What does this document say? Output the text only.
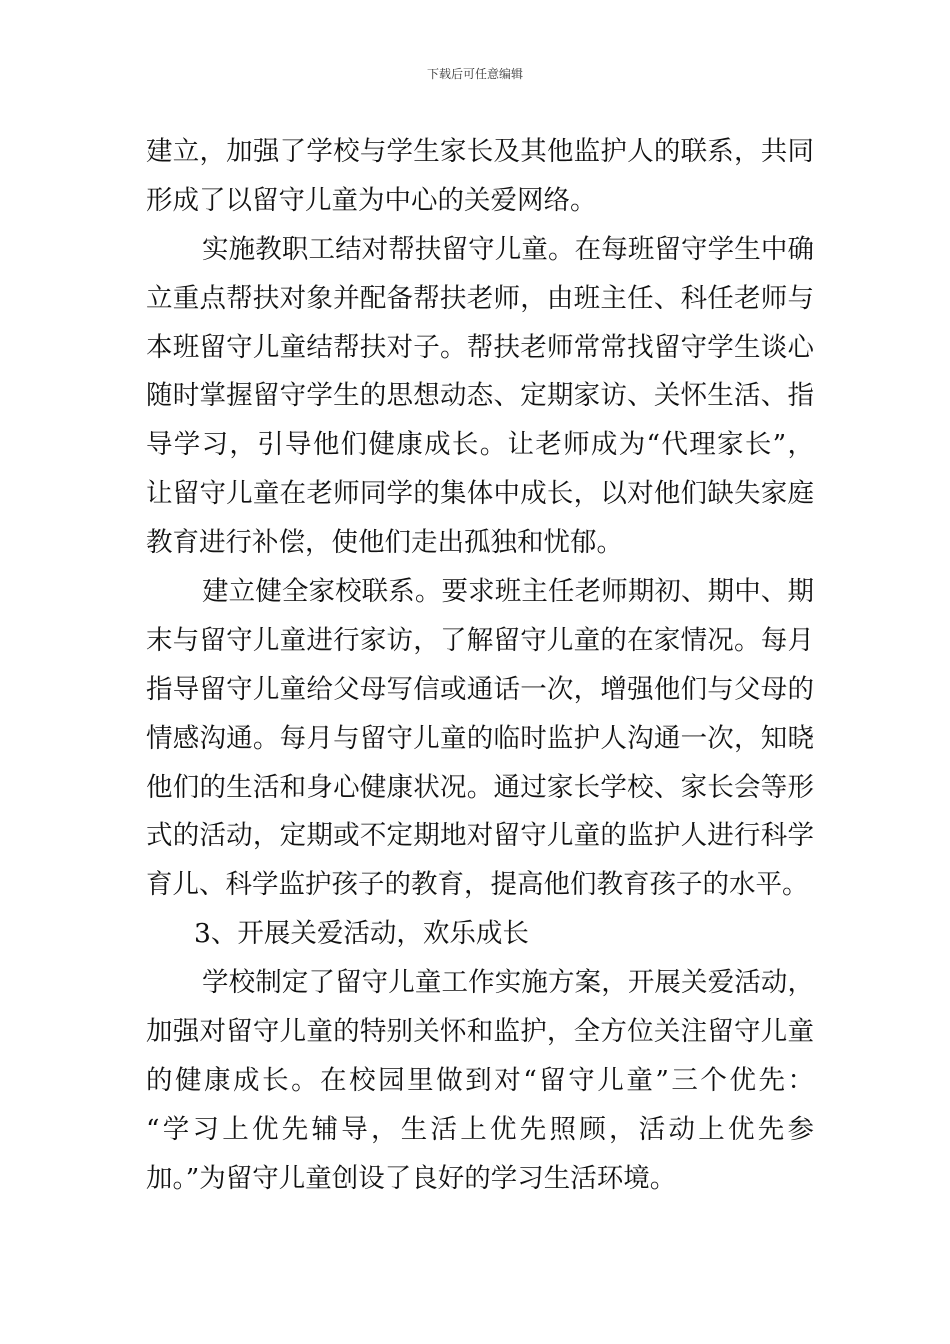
下载后可任意编辑
建立，加强了学校与学生家长及其他监护人的联系，共同
形成了以留守儿童为中心的关爱网络。
实施教职工结对帮扶留守儿童。在每班留守学生中确
立重点帮扶对象并配备帮扶老师，由班主任、科任老师与
本班留守儿童结帮扶对子。帮扶老师常常找留守学生谈心
随时掌握留守学生的思想动态、定期家访、关怀生活、指
导学习，引导他们健康成长。让老师成为“代理家长”，
让留守儿童在老师同学的集体中成长，以对他们缺失家庭
教育进行补偿，使他们走出孤独和忧郁。
建立健全家校联系。要求班主任老师期初、期中、期
末与留守儿童进行家访，了解留守儿童的在家情况。每月
指导留守儿童给父母写信或通话一次，增强他们与父母的
情感沟通。每月与留守儿童的临时监护人沟通一次，知晓
他们的生活和身心健康状况。通过家长学校、家长会等形
式的活动，定期或不定期地对留守儿童的监护人进行科学
育儿、科学监护孩子的教育，提高他们教育孩子的水平。
3、开展关爱活动，欢乐成长
学校制定了留守儿童工作实施方案，开展关爱活动，
加强对留守儿童的特别关怀和监护，全方位关注留守儿童
的健康成长。在校园里做到对“留守儿童”三个优先：
“学习上优先辅导，生活上优先照顾，活动上优先参
加。”为留守儿童创设了良好的学习生活环境。
